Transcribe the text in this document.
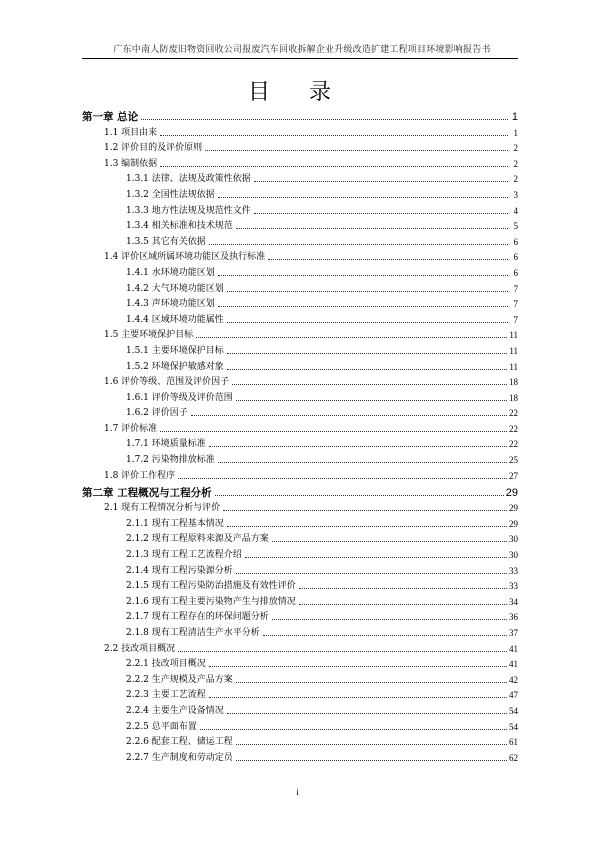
广东中南人防废旧物资回收公司报废汽车回收拆解企业升级改造扩建工程项目环境影响报告书
目 录
第一章 总论	1
1.1 项目由来	1
1.2 评价目的及评价原则	2
1.3 编制依据	2
1.3.1 法律、法规及政策性依据	2
1.3.2 全国性法规依据	3
1.3.3 地方性法规及规范性文件	4
1.3.4 相关标准和技术规范	5
1.3.5 其它有关依据	6
1.4 评价区域所属环境功能区及执行标准	6
1.4.1 水环境功能区划	6
1.4.2 大气环境功能区划	7
1.4.3 声环境功能区划	7
1.4.4 区域环境功能属性	7
1.5 主要环境保护目标	11
1.5.1 主要环境保护目标	11
1.5.2 环境保护敏感对象	11
1.6 评价等级、范围及评价因子	18
1.6.1 评价等级及评价范围	18
1.6.2 评价因子	22
1.7 评价标准	22
1.7.1 环境质量标准	22
1.7.2 污染物排放标准	25
1.8 评价工作程序	27
第二章 工程概况与工程分析	29
2.1 现有工程情况分析与评价	29
2.1.1 现有工程基本情况	29
2.1.2 现有工程原料来源及产品方案	30
2.1.3 现有工程工艺流程介绍	30
2.1.4 现有工程污染源分析	33
2.1.5 现有工程污染防治措施及有效性评价	33
2.1.6 现有工程主要污染物产生与排放情况	34
2.1.7 现有工程存在的环保问题分析	36
2.1.8 现有工程清洁生产水平分析	37
2.2 技改项目概况	41
2.2.1 技改项目概况	41
2.2.2 生产规模及产品方案	42
2.2.3 主要工艺流程	47
2.2.4 主要生产设备情况	54
2.2.5 总平面布置	54
2.2.6 配套工程、储运工程	61
2.2.7 生产制度和劳动定员	62
i
